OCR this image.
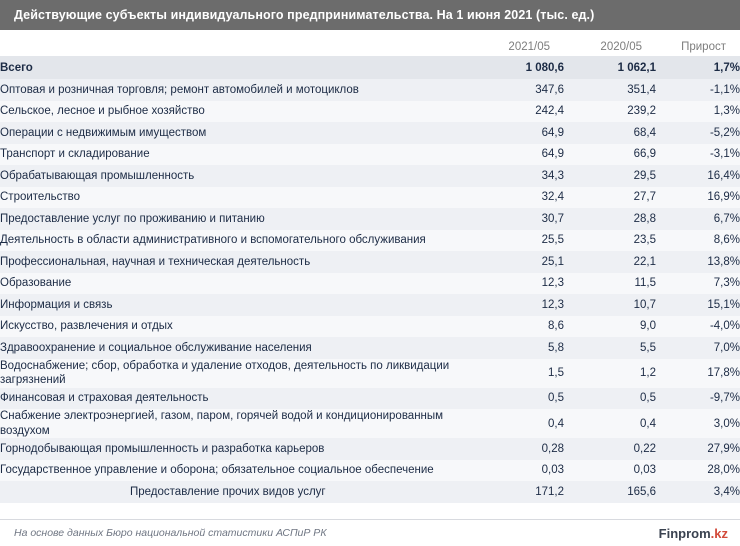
Действующие субъекты индивидуального предпринимательства. На 1 июня 2021 (тыс. ед.)
	2021/05	2020/05	Прирост
Всего	1 080,6	1 062,1	1,7%
Оптовая и розничная торговля; ремонт автомобилей и мотоциклов	347,6	351,4	-1,1%
Сельское, лесное и рыбное хозяйство	242,4	239,2	1,3%
Операции с недвижимым имуществом	64,9	68,4	-5,2%
Транспорт и складирование	64,9	66,9	-3,1%
Обрабатывающая промышленность	34,3	29,5	16,4%
Строительство	32,4	27,7	16,9%
Предоставление услуг по проживанию и питанию	30,7	28,8	6,7%
Деятельность в области административного и вспомогательного обслуживания	25,5	23,5	8,6%
Профессиональная, научная и техническая деятельность	25,1	22,1	13,8%
Образование	12,3	11,5	7,3%
Информация и связь	12,3	10,7	15,1%
Искусство, развлечения и отдых	8,6	9,0	-4,0%
Здравоохранение и социальное обслуживание населения	5,8	5,5	7,0%
Водоснабжение; сбор, обработка и удаление отходов, деятельность по ликвидации загрязнений	1,5	1,2	17,8%
Финансовая и страховая деятельность	0,5	0,5	-9,7%
Снабжение электроэнергией, газом, паром, горячей водой и кондиционированным воздухом	0,4	0,4	3,0%
Горнодобывающая промышленность и разработка карьеров	0,28	0,22	27,9%
Государственное управление и оборона; обязательное социальное обеспечение	0,03	0,03	28,0%
Предоставление прочих видов услуг	171,2	165,6	3,4%
На основе данных Бюро национальной статистики АСПиР РК	Finprom.kz
